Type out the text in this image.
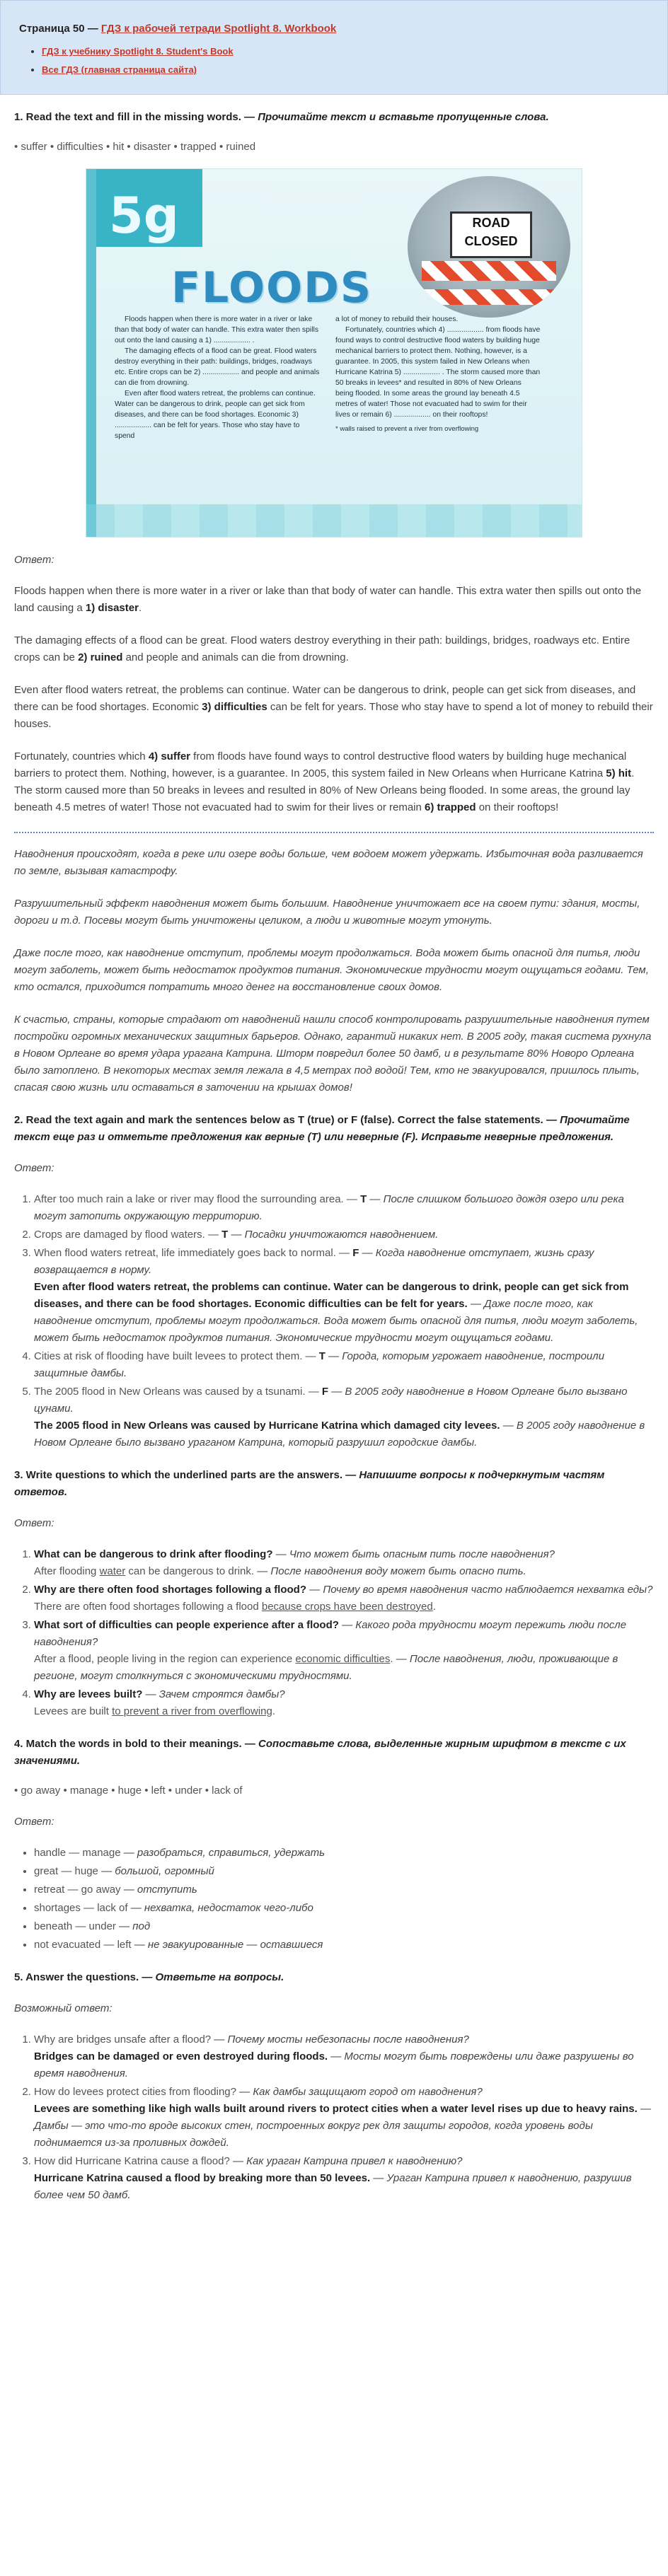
Страница 50 — ГДЗ к рабочей тетради Spotlight 8. Workbook
• ГДЗ к учебнику Spotlight 8. Student's Book
• Все ГДЗ (главная страница сайта)
1. Read the text and fill in the missing words. — Прочитайте текст и вставьте пропущенные слова.
• suffer • difficulties • hit • disaster • trapped • ruined
5g
FLOODS
ROAD
CLOSED
Floods happen when there is more water in a river or lake than that body of water can handle. This extra water then spills out onto the land causing a 1) .................. .
The damaging effects of a flood can be great. Flood waters destroy everything in their path: buildings, bridges, roadways etc. Entire crops can be 2) .................. and people and animals can die from drowning.
Even after flood waters retreat, the problems can continue. Water can be dangerous to drink, people can get sick from diseases, and there can be food shortages. Economic 3) .................. can be felt for years. Those who stay have to spend
a lot of money to rebuild their houses.
Fortunately, countries which 4) .................. from floods have found ways to control destructive flood waters by building huge mechanical barriers to protect them. Nothing, however, is a guarantee. In 2005, this system failed in New Orleans when Hurricane Katrina 5) .................. . The storm caused more than 50 breaks in levees* and resulted in 80% of New Orleans being flooded. In some areas the ground lay beneath 4.5 metres of water! Those not evacuated had to swim for their lives or remain 6) .................. on their rooftops!
* walls raised to prevent a river from overflowing
Ответ:

Floods happen when there is more water in a river or lake than that body of water can handle. This extra water then spills out onto the land causing a 1) disaster.

The damaging effects of a flood can be great. Flood waters destroy everything in their path: buildings, bridges, roadways etc. Entire crops can be 2) ruined and people and animals can die from drowning.

Even after flood waters retreat, the problems can continue. Water can be dangerous to drink, people can get sick from diseases, and there can be food shortages. Economic 3) difficulties can be felt for years. Those who stay have to spend a lot of money to rebuild their houses.

Fortunately, countries which 4) suffer from floods have found ways to control destructive flood waters by building huge mechanical barriers to protect them. Nothing, however, is a guarantee. In 2005, this system failed in New Orleans when Hurricane Katrina 5) hit. The storm caused more than 50 breaks in levees and resulted in 80% of New Orleans being flooded. In some areas, the ground lay beneath 4.5 metres of water! Those not evacuated had to swim for their lives or remain 6) trapped on their rooftops!

Наводнения происходят, когда в реке или озере воды больше, чем водоем может удержать. Избыточная вода разливается по земле, вызывая катастрофу.

Разрушительный эффект наводнения может быть большим. Наводнение уничтожает все на своем пути: здания, мосты, дороги и т.д. Посевы могут быть уничтожены целиком, а люди и животные могут утонуть.

Даже после того, как наводнение отступит, проблемы могут продолжаться. Вода может быть опасной для питья, люди могут заболеть, может быть недостаток продуктов питания. Экономические трудности могут ощущаться годами. Тем, кто остался, приходится потратить много денег на восстановление своих домов.

К счастью, страны, которые страдают от наводнений нашли способ контролировать разрушительные наводнения путем постройки огромных механических защитных барьеров. Однако, гарантий никаких нет. В 2005 году, такая система рухнула в Новом Орлеане во время удара урагана Катрина. Шторм повредил более 50 дамб, и в результате 80% Новоро Орлеана было затоплено. В некоторых местах земля лежала в 4,5 метрах под водой! Тем, кто не эвакуировался, пришлось плыть, спасая свою жизнь или оставаться в заточении на крышах домов!

2. Read the text again and mark the sentences below as T (true) or F (false). Correct the false statements. — Прочитайте текст еще раз и отметьте предложения как верные (T) или неверные (F). Исправьте неверные предложения.
Ответ:
1. After too much rain a lake or river may flood the surrounding area. — T — После слишком большого дождя озеро или река могут затопить окружающую территорию.
2. Crops are damaged by flood waters. — T — Посадки уничтожаются наводнением.
3. When flood waters retreat, life immediately goes back to normal. — F — Когда наводнение отступает, жизнь сразу возвращается в норму.
Even after flood waters retreat, the problems can continue. Water can be dangerous to drink, people can get sick from diseases, and there can be food shortages. Economic difficulties can be felt for years. — Даже после того, как наводнение отступит, проблемы могут продолжаться. Вода может быть опасной для питья, люди могут заболеть, может быть недостаток продуктов питания. Экономические трудности могут ощущаться годами.
4. Cities at risk of flooding have built levees to protect them. — T — Города, которым угрожает наводнение, построили защитные дамбы.
5. The 2005 flood in New Orleans was caused by a tsunami. — F — В 2005 году наводнение в Новом Орлеане было вызвано цунами.
The 2005 flood in New Orleans was caused by Hurricane Katrina which damaged city levees. — В 2005 году наводнение в Новом Орлеане было вызвано ураганом Катрина, который разрушил городские дамбы.
3. Write questions to which the underlined parts are the answers. — Напишите вопросы к подчеркнутым частям ответов.
Ответ:
1. What can be dangerous to drink after flooding? — Что может быть опасным пить после наводнения?
After flooding water can be dangerous to drink. — После наводнения воду может быть опасно пить.
2. Why are there often food shortages following a flood? — Почему во время наводнения часто наблюдается нехватка еды?
There are often food shortages following a flood because crops have been destroyed.
3. What sort of difficulties can people experience after a flood? — Какого рода трудности могут пережить люди после наводнения?
After a flood, people living in the region can experience economic difficulties. — После наводнения, люди, проживающие в регионе, могут столкнуться с экономическими трудностями.
4. Why are levees built? — Зачем строятся дамбы?
Levees are built to prevent a river from overflowing.
4. Match the words in bold to their meanings. — Сопоставьте слова, выделенные жирным шрифтом в тексте с их значениями.
• go away • manage • huge • left • under • lack of
Ответ:
• handle — manage — разобраться, справиться, удержать
• great — huge — большой, огромный
• retreat — go away — отступить
• shortages — lack of — нехватка, недостаток чего-либо
• beneath — under — под
• not evacuated — left — не эвакуированные — оставшиеся
5. Answer the questions. — Ответьте на вопросы.
Возможный ответ:
1. Why are bridges unsafe after a flood? — Почему мосты небезопасны после наводнения?
Bridges can be damaged or even destroyed during floods. — Мосты могут быть повреждены или даже разрушены во время наводнения.
2. How do levees protect cities from flooding? — Как дамбы защищают город от наводнения?
Levees are something like high walls built around rivers to protect cities when a water level rises up due to heavy rains. — Дамбы — это что-то вроде высоких стен, построенных вокруг рек для защиты городов, когда уровень воды поднимается из-за проливных дождей.
3. How did Hurricane Katrina cause a flood? — Как ураган Катрина привел к наводнению?
Hurricane Katrina caused a flood by breaking more than 50 levees. — Ураган Катрина привел к наводнению, разрушив более чем 50 дамб.
